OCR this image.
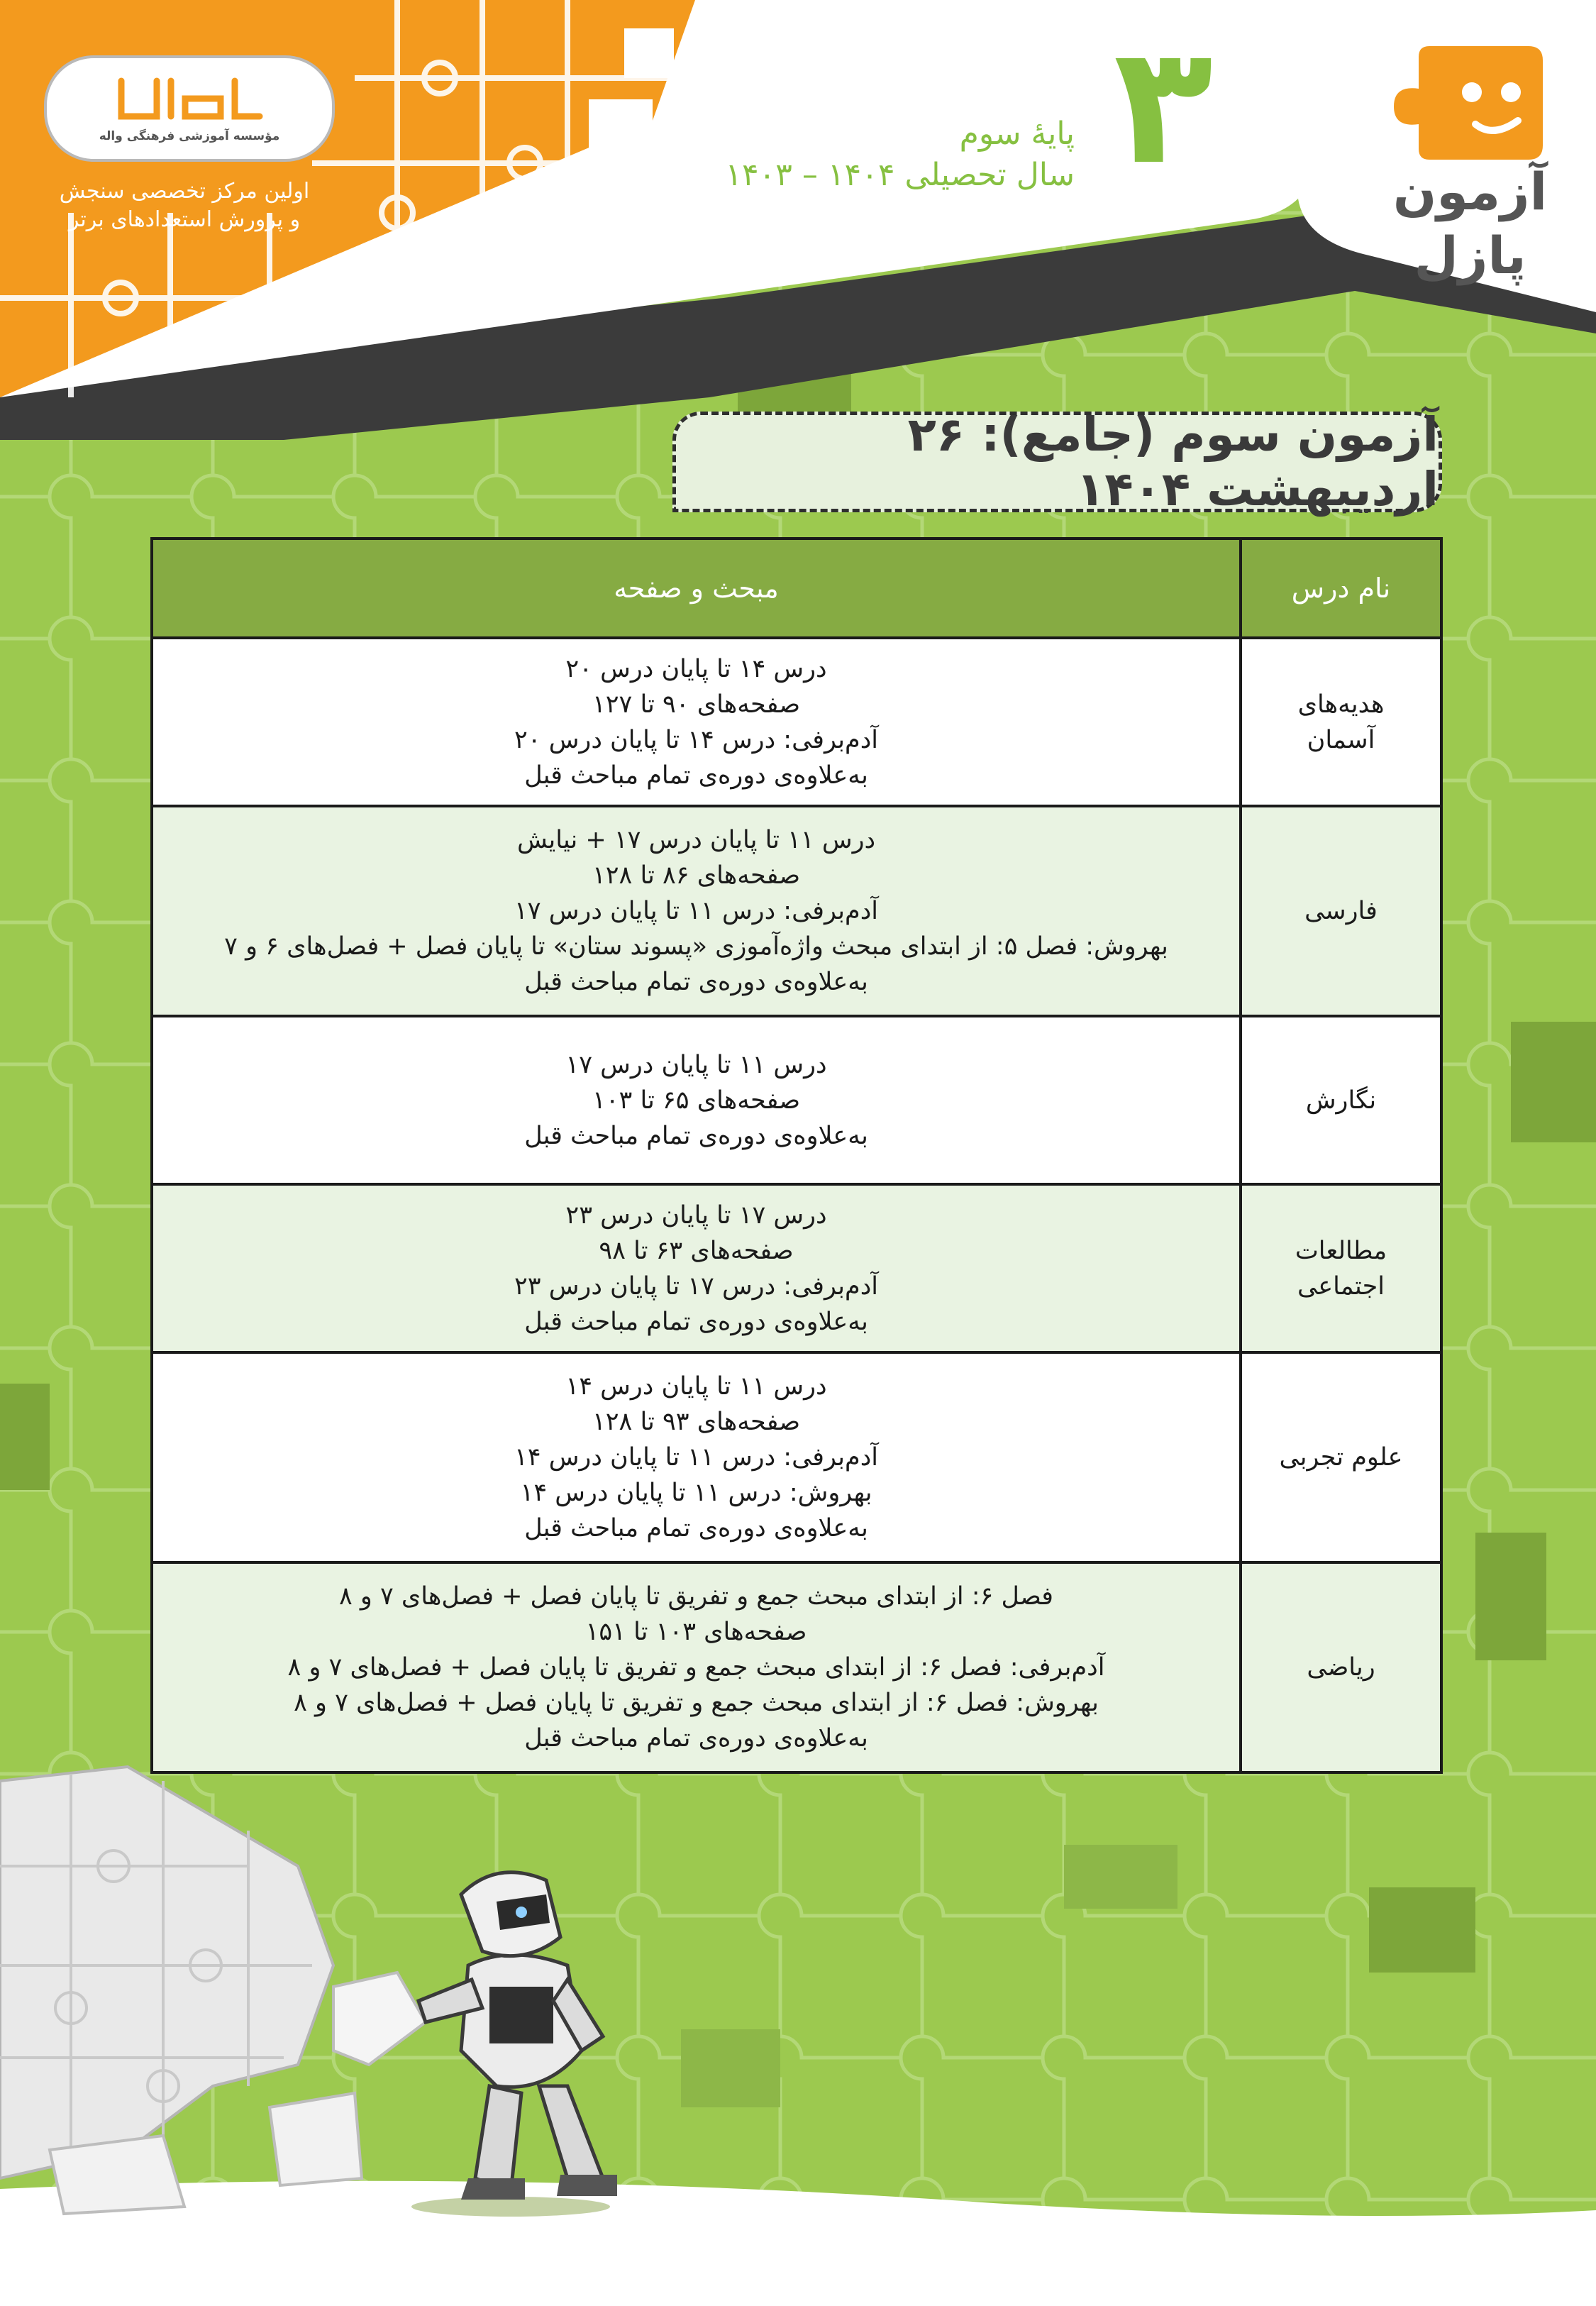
مؤسسه آموزشی فرهنگی واله
اولین مرکز تخصصی سنجش
و پرورش استعدادهای برتر
۳
پایهٔ سوم
سال تحصیلی ۱۴۰۴ – ۱۴۰۳	آزمون پازل
آزمون سوم (جامع): ۲۶ اردیبهشت ۱۴۰۴
نام درس	مبحث و صفحه

هدیه‌های
آسمان	درس ۱۴ تا پایان درس ۲۰
صفحه‌های ۹۰ تا ۱۲۷
آدم‌برفی: درس ۱۴ تا پایان درس ۲۰
به‌علاوه‌ی دوره‌ی تمام مباحث قبل

فارسی	درس ۱۱ تا پایان درس ۱۷ + نیایش
صفحه‌های ۸۶ تا ۱۲۸
آدم‌برفی: درس ۱۱ تا پایان درس ۱۷
بهروش: فصل ۵: از ابتدای مبحث واژه‌آموزی «پسوند ستان» تا پایان فصل + فصل‌های ۶ و ۷
به‌علاوه‌ی دوره‌ی تمام مباحث قبل

نگارش	درس ۱۱ تا پایان درس ۱۷
صفحه‌های ۶۵ تا ۱۰۳
به‌علاوه‌ی دوره‌ی تمام مباحث قبل

مطالعات
اجتماعی	درس ۱۷ تا پایان درس ۲۳
صفحه‌های ۶۳ تا ۹۸
آدم‌برفی: درس ۱۷ تا پایان درس ۲۳
به‌علاوه‌ی دوره‌ی تمام مباحث قبل

علوم تجربی	درس ۱۱ تا پایان درس ۱۴
صفحه‌های ۹۳ تا ۱۲۸
آدم‌برفی: درس ۱۱ تا پایان درس ۱۴
بهروش: درس ۱۱ تا پایان درس ۱۴
به‌علاوه‌ی دوره‌ی تمام مباحث قبل

ریاضی	فصل ۶: از ابتدای مبحث جمع و تفریق تا پایان فصل + فصل‌های ۷ و ۸
صفحه‌های ۱۰۳ تا ۱۵۱
آدم‌برفی: فصل ۶: از ابتدای مبحث جمع و تفریق تا پایان فصل + فصل‌های ۷ و ۸
بهروش: فصل ۶: از ابتدای مبحث جمع و تفریق تا پایان فصل + فصل‌های ۷ و ۸
به‌علاوه‌ی دوره‌ی تمام مباحث قبل
